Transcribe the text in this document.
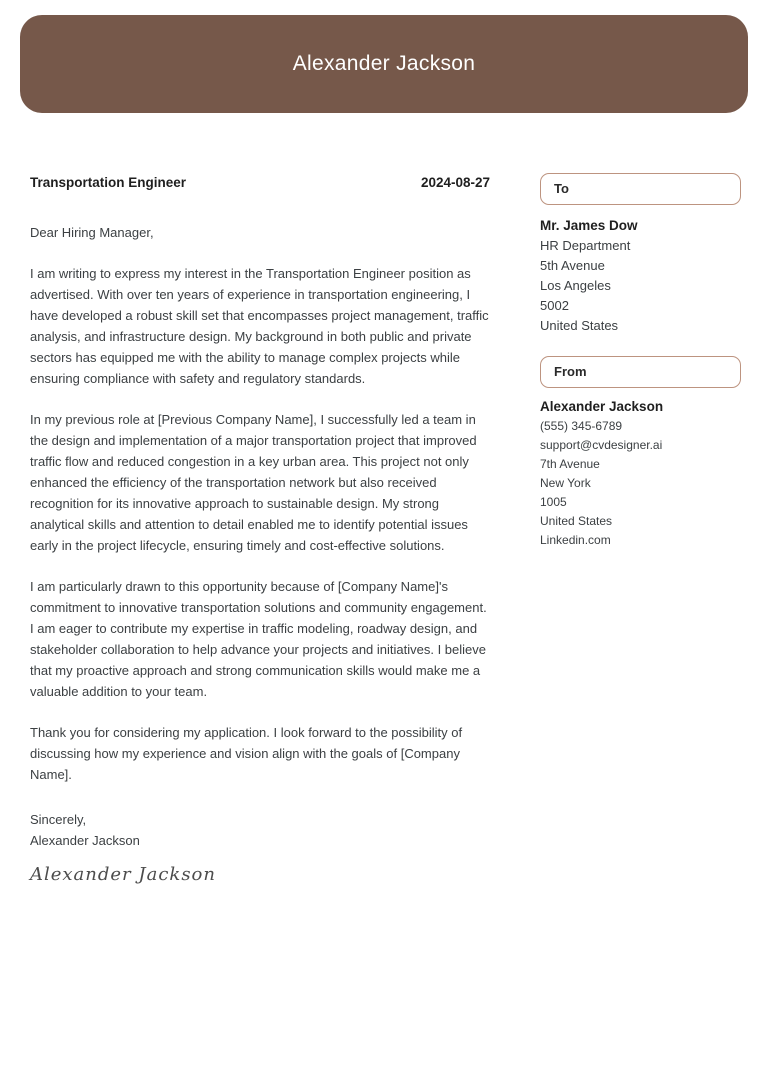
Alexander Jackson
Transportation Engineer	2024-08-27

Dear Hiring Manager,

I am writing to express my interest in the Transportation Engineer position as advertised. With over ten years of experience in transportation engineering, I have developed a robust skill set that encompasses project management, traffic analysis, and infrastructure design. My background in both public and private sectors has equipped me with the ability to manage complex projects while ensuring compliance with safety and regulatory standards.

In my previous role at [Previous Company Name], I successfully led a team in the design and implementation of a major transportation project that improved traffic flow and reduced congestion in a key urban area. This project not only enhanced the efficiency of the transportation network but also received recognition for its innovative approach to sustainable design. My strong analytical skills and attention to detail enabled me to identify potential issues early in the project lifecycle, ensuring timely and cost-effective solutions.

I am particularly drawn to this opportunity because of [Company Name]'s commitment to innovative transportation solutions and community engagement. I am eager to contribute my expertise in traffic modeling, roadway design, and stakeholder collaboration to help advance your projects and initiatives. I believe that my proactive approach and strong communication skills would make me a valuable addition to your team.

Thank you for considering my application. I look forward to the possibility of discussing how my experience and vision align with the goals of [Company Name].

Sincerely,
Alexander Jackson
Alexander Jackson
To
Mr. James Dow
HR Department
5th Avenue
Los Angeles
5002
United States
From
Alexander Jackson
(555) 345-6789
support@cvdesigner.ai
7th Avenue
New York
1005
United States
Linkedin.com
